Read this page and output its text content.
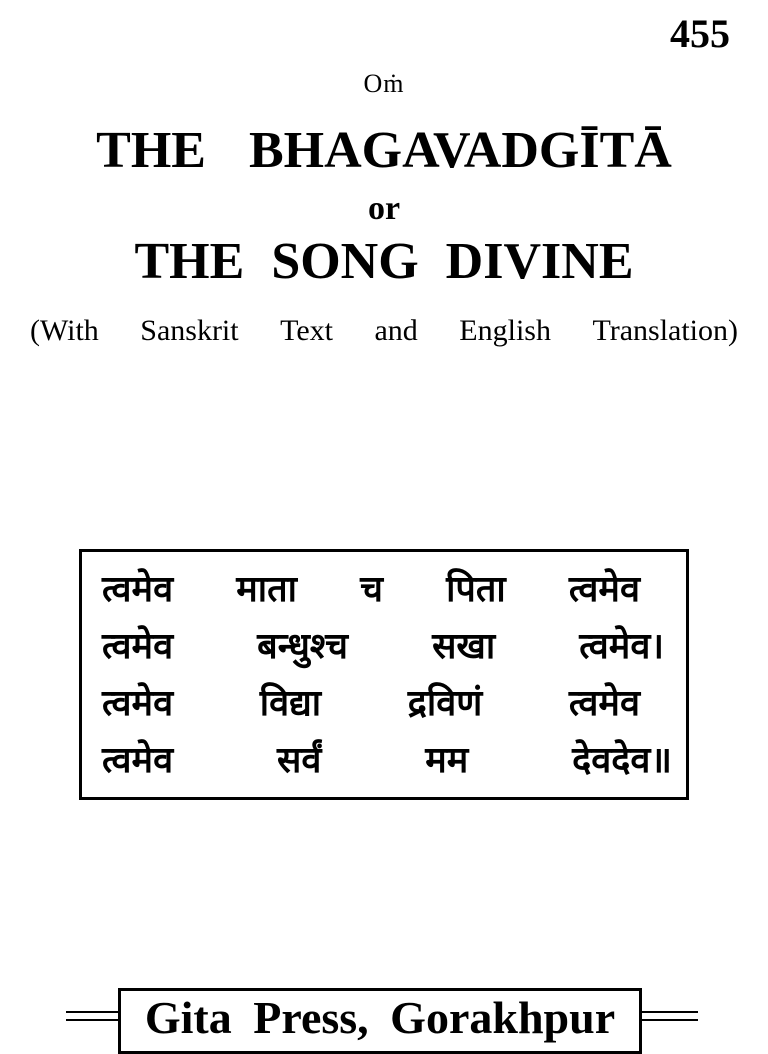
455
Oṁ
THE BHAGAVADGĪTĀ
or
THE SONG DIVINE
(With Sanskrit Text and English Translation)
त्वमेव माता च पिता त्वमेव
त्वमेव बन्धुश्च सखा त्वमेव।
त्वमेव विद्या द्रविणं त्वमेव
त्वमेव	सर्वं	मम	देवदेव॥
Gita Press, Gorakhpur
